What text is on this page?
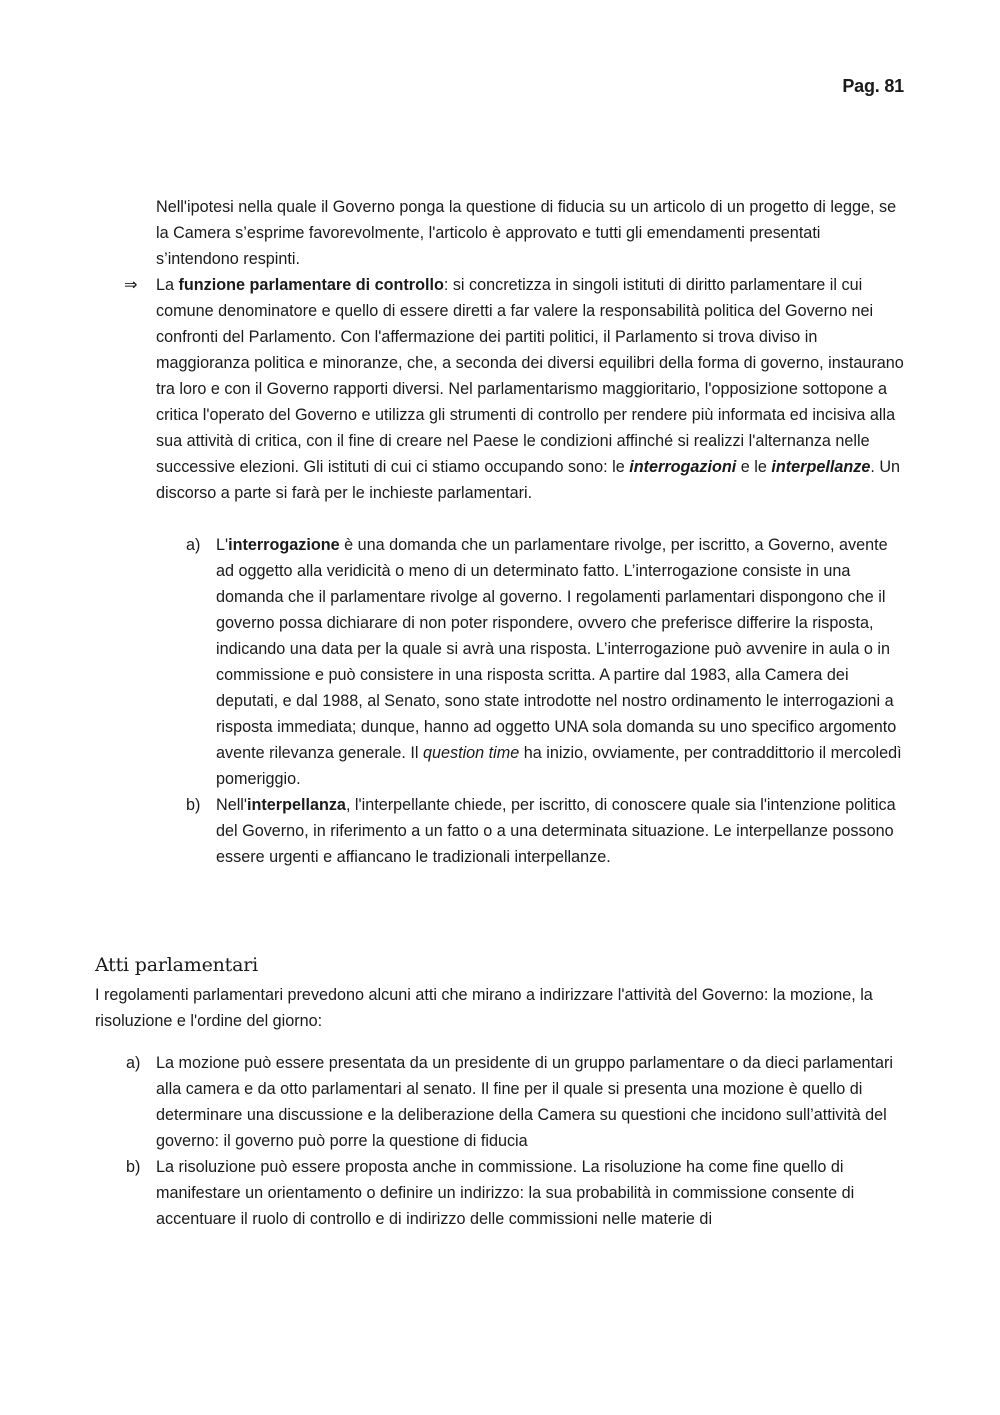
Pag. 81

Nell'ipotesi nella quale il Governo ponga la questione di fiducia su un articolo di un progetto di legge, se la Camera s’esprime favorevolmente, l'articolo è approvato e tutti gli emendamenti presentati s’intendono respinti.

⇒	La funzione parlamentare di controllo: si concretizza in singoli istituti di diritto parlamentare il cui comune denominatore e quello di essere diretti a far valere la responsabilità politica del Governo nei confronti del Parlamento. Con l'affermazione dei partiti politici, il Parlamento si trova diviso in maggioranza politica e minoranze, che, a seconda dei diversi equilibri della forma di governo, instaurano tra loro e con il Governo rapporti diversi. Nel parlamentarismo maggioritario, l'opposizione sottopone a critica l'operato del Governo e utilizza gli strumenti di controllo per rendere più informata ed incisiva alla sua attività di critica, con il fine di creare nel Paese le condizioni affinché si realizzi l'alternanza nelle successive elezioni. Gli istituti di cui ci stiamo occupando sono: le interrogazioni e le interpellanze. Un discorso a parte si farà per le inchieste parlamentari.

a) L'interrogazione è una domanda che un parlamentare rivolge, per iscritto, a Governo, avente ad oggetto alla veridicità o meno di un determinato fatto. L’interrogazione consiste in una domanda che il parlamentare rivolge al governo. I regolamenti parlamentari dispongono che il governo possa dichiarare di non poter rispondere, ovvero che preferisce differire la risposta, indicando una data per la quale si avrà una risposta. L’interrogazione può avvenire in aula o in commissione e può consistere in una risposta scritta. A partire dal 1983, alla Camera dei deputati, e dal 1988, al Senato, sono state introdotte nel nostro ordinamento le interrogazioni a risposta immediata; dunque, hanno ad oggetto UNA sola domanda su uno specifico argomento avente rilevanza generale. Il question time ha inizio, ovviamente, per contraddittorio il mercoledì pomeriggio.

b) Nell'interpellanza, l'interpellante chiede, per iscritto, di conoscere quale sia l'intenzione politica del Governo, in riferimento a un fatto o a una determinata situazione. Le interpellanze possono essere urgenti e affiancano le tradizionali interpellanze.

Atti parlamentari

I regolamenti parlamentari prevedono alcuni atti che mirano a indirizzare l'attività del Governo: la mozione, la risoluzione e l'ordine del giorno:

a) La mozione può essere presentata da un presidente di un gruppo parlamentare o da dieci parlamentari alla camera e da otto parlamentari al senato. Il fine per il quale si presenta una mozione è quello di determinare una discussione e la deliberazione della Camera su questioni che incidono sull’attività del governo: il governo può porre la questione di fiducia

b) La risoluzione può essere proposta anche in commissione. La risoluzione ha come fine quello di manifestare un orientamento o definire un indirizzo: la sua probabilità in commissione consente di accentuare il ruolo di controllo e di indirizzo delle commissioni nelle materie di
